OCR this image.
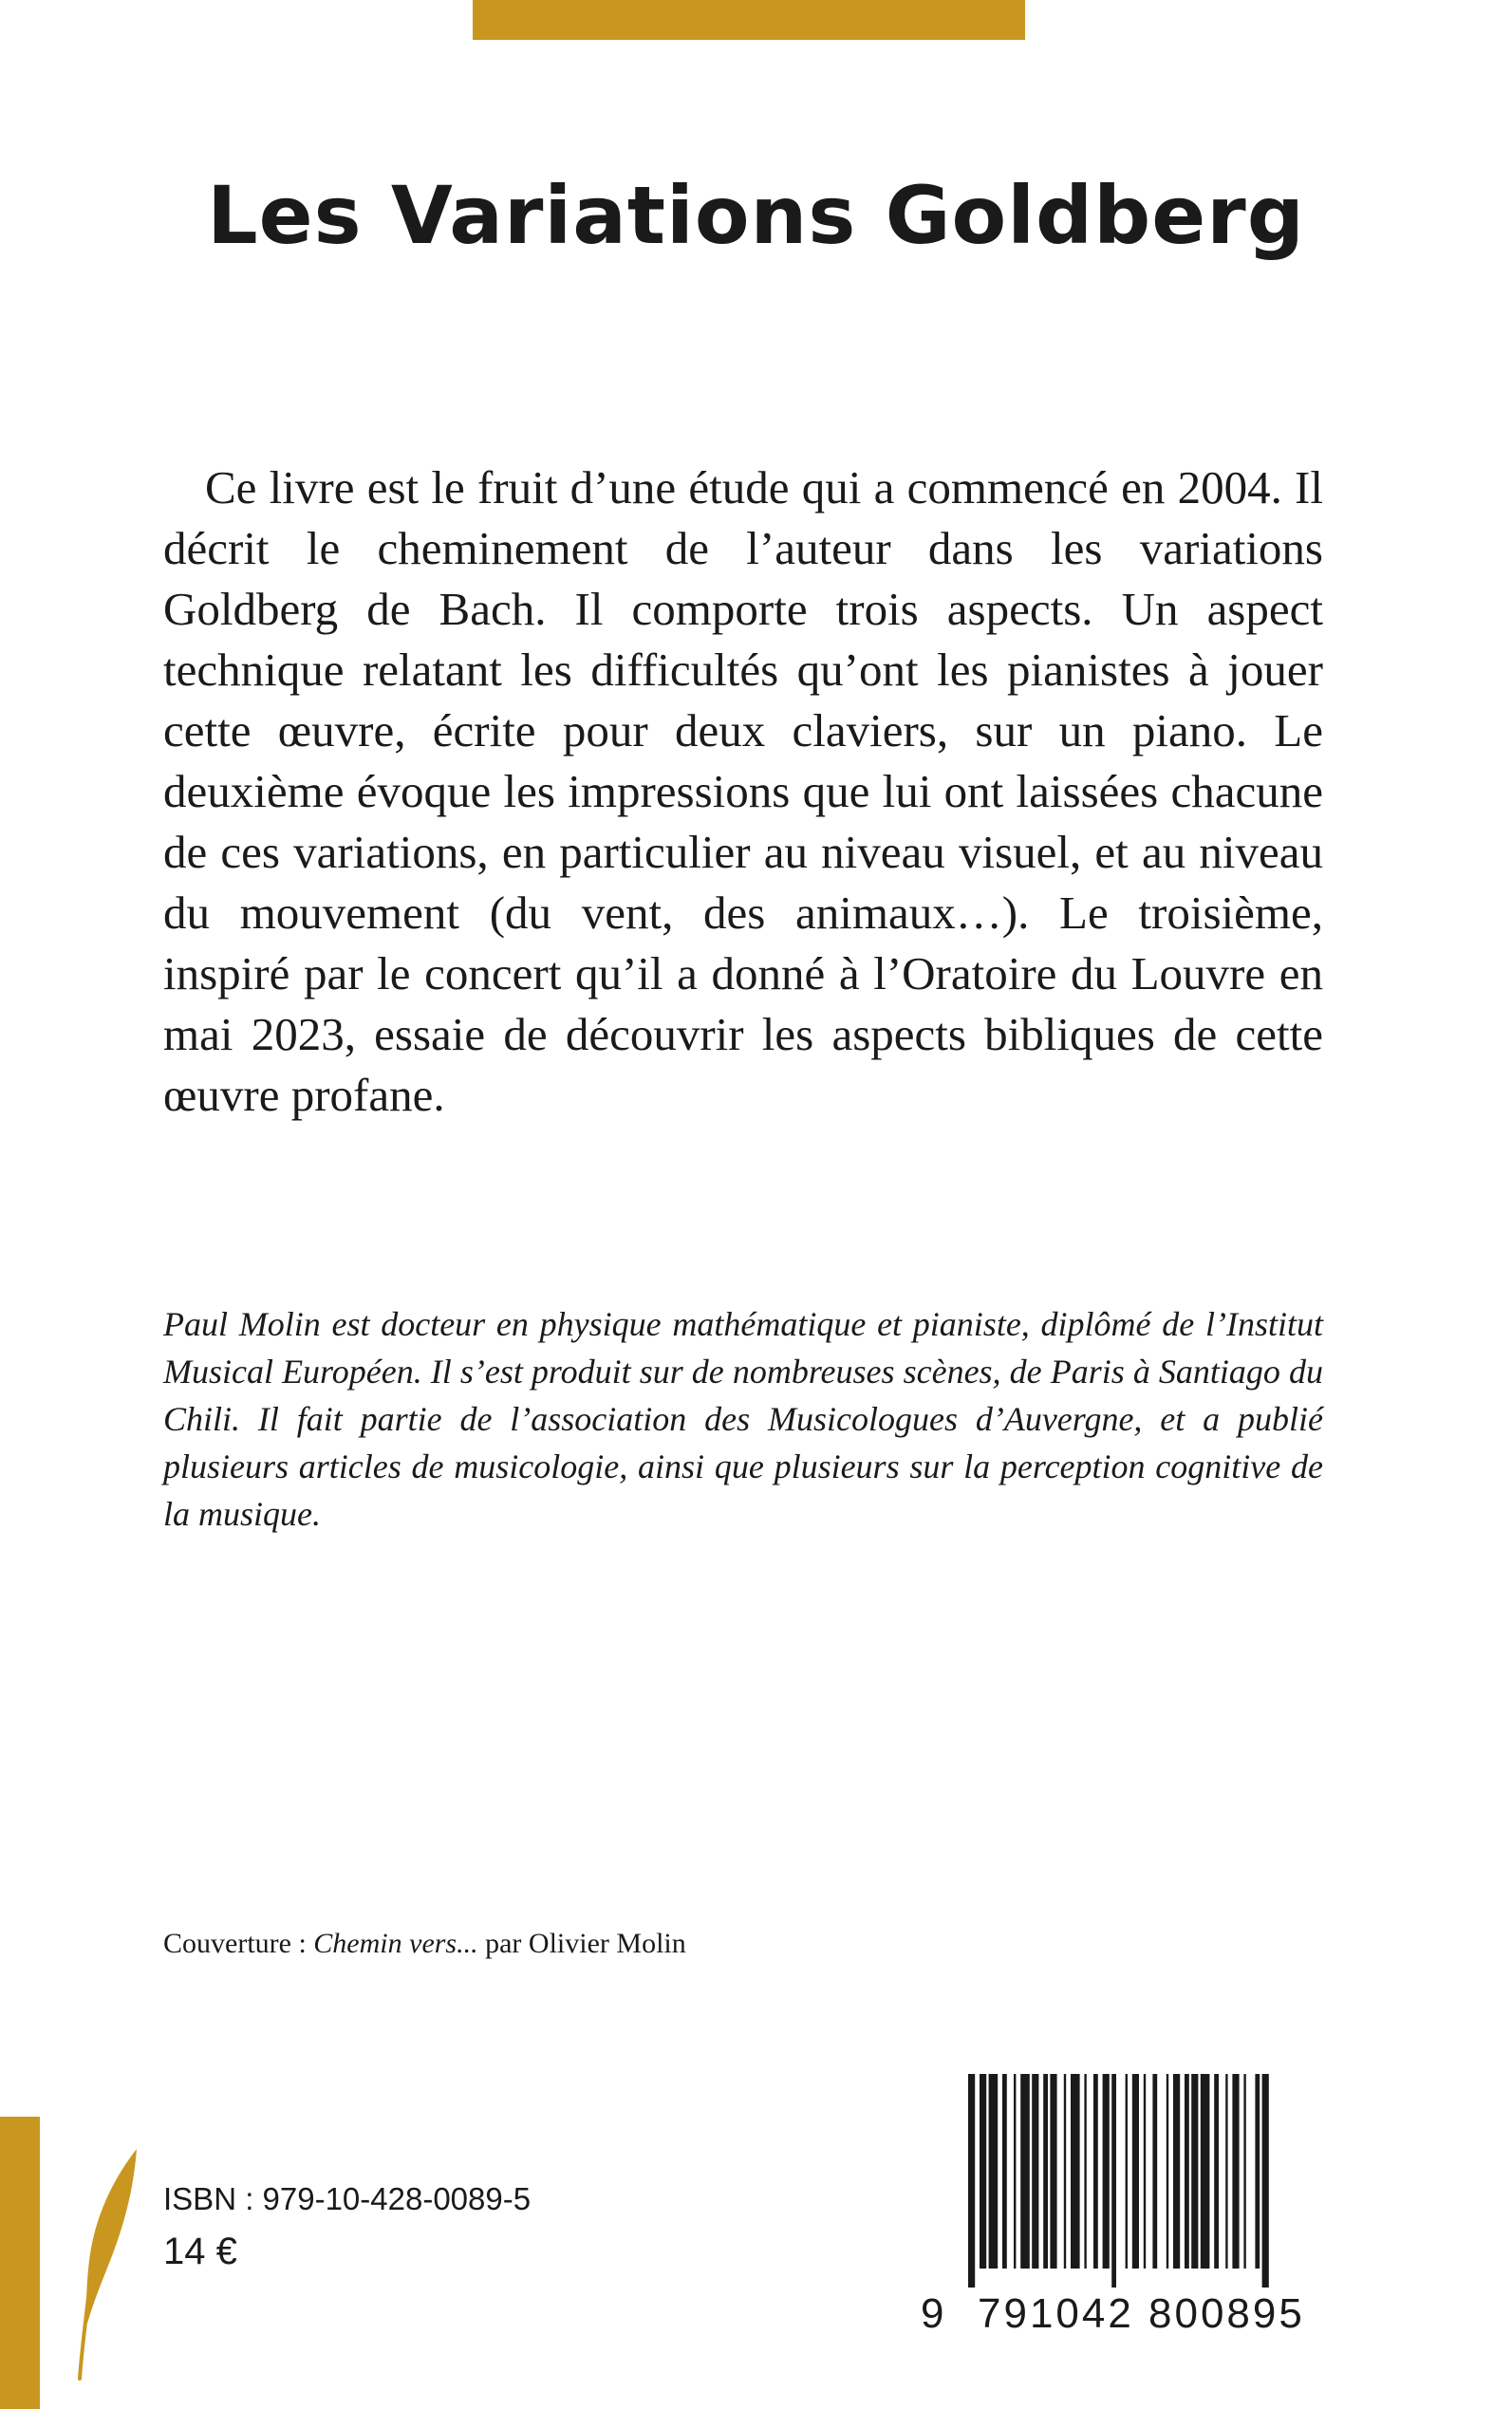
Les Variations Goldberg

Ce livre est le fruit d’une étude qui a commencé en 2004. Il décrit le cheminement de l’auteur dans les variations Goldberg de Bach. Il comporte trois aspects. Un aspect technique relatant les difficultés qu’ont les pianistes à jouer cette œuvre, écrite pour deux claviers, sur un piano. Le deuxième évoque les impressions que lui ont laissées chacune de ces variations, en particulier au niveau visuel, et au niveau du mouvement (du vent, des animaux…). Le troisième, inspiré par le concert qu’il a donné à l’Oratoire du Louvre en mai 2023, essaie de découvrir les aspects bibliques de cette œuvre profane.

Paul Molin est docteur en physique mathématique et pianiste, diplômé de l’Institut Musical Européen. Il s’est produit sur de nombreuses scènes, de Paris à Santiago du Chili. Il fait partie de l’association des Musicologues d’Auvergne, et a publié plusieurs articles de musicologie, ainsi que plusieurs sur la perception cognitive de la musique.

Couverture : Chemin vers... par Olivier Molin

ISBN : 979-10-428-0089-5
14 €
9 791042 800895
